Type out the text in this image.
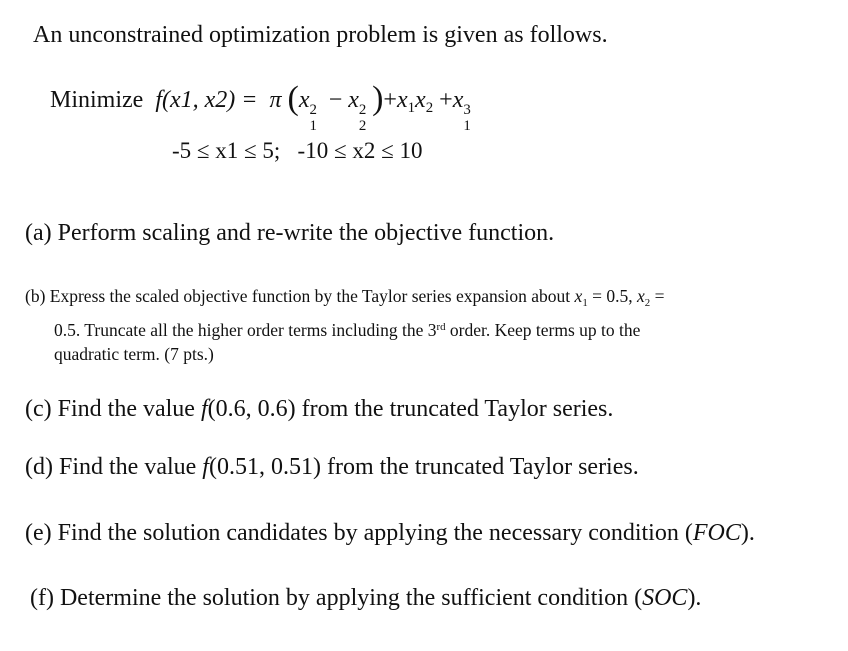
An unconstrained optimization problem is given as follows.
Minimize f(x1, x2) = π (x 2
1
− x 2
2
)$+x_1x_2 +x$ 3
1
-5 ≤ x1 ≤ 5; -10 ≤ x2 ≤ 10
(a) Perform scaling and re-write the objective function.
(b) Express the scaled objective function by the Taylor series expansion about $x_1 = 0.5$, $x_2$ =
0.5. Truncate all the higher order terms including the 3rd order. Keep terms up to the
quadratic term. (7 pts.)
(c) Find the value f(0.6, 0.6) from the truncated Taylor series.
(d) Find the value f(0.51, 0.51) from the truncated Taylor series.
(e) Find the solution candidates by applying the necessary condition (FOC).
(f) Determine the solution by applying the sufficient condition (SOC).
